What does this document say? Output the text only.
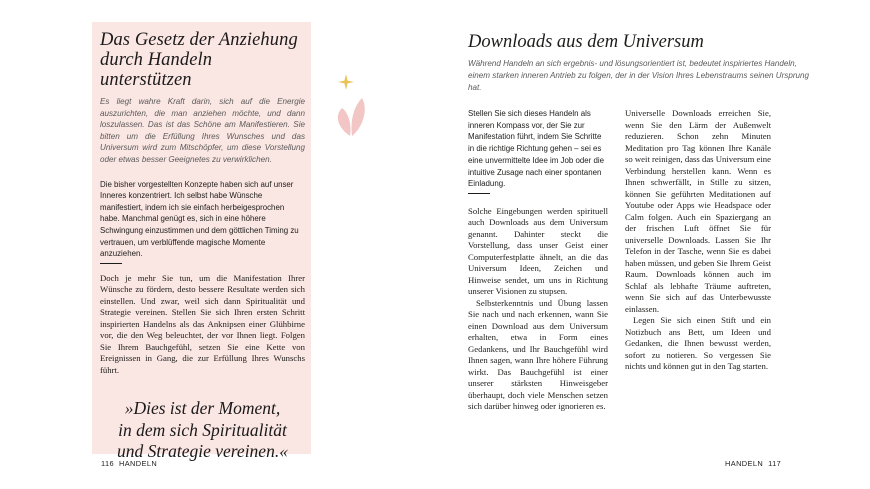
Das Gesetz der Anziehung
durch Handeln unterstützen

Es liegt wahre Kraft darin, sich auf die Energie auszurichten, die man anziehen möchte, und dann loszulassen. Das ist das Schöne am Manifestieren. Sie bitten um die Erfüllung Ihres Wunsches und das Universum wird zum Mitschöpfer, um diese Vorstellung oder etwas besser Geeignetes zu verwirklichen.

Die bisher vorgestellten Konzepte haben sich auf unser Inneres konzentriert. Ich selbst habe Wünsche manifestiert, indem ich sie einfach herbeigesprochen habe. Manchmal genügt es, sich in eine höhere Schwingung einzustimmen und dem göttlichen Timing zu vertrauen, um verblüffende magische Momente anzuziehen.

Doch je mehr Sie tun, um die Manifestation Ihrer Wünsche zu fördern, desto bessere Resultate werden sich einstellen. Und zwar, weil sich dann Spiritualität und Strategie vereinen. Stellen Sie sich Ihren ersten Schritt inspirierten Handelns als das Anknipsen einer Glühbirne vor, die den Weg beleuchtet, der vor Ihnen liegt. Folgen Sie Ihrem Bauchgefühl, setzen Sie eine Kette von Ereignissen in Gang, die zur Erfüllung Ihres Wunschs führt.

»Dies ist der Moment,
in dem sich Spiritualität
und Strategie vereinen.«

116 HANDELN
Downloads aus dem Universum

Während Handeln an sich ergebnis- und lösungsorientiert ist, bedeutet inspiriertes Handeln, einem starken inneren Antrieb zu folgen, der in der Vision Ihres Lebenstraums seinen Ursprung hat.

Stellen Sie sich dieses Handeln als inneren Kompass vor, der Sie zur Manifestation führt, indem Sie Schritte in die richtige Richtung gehen – sei es eine unvermittelte Idee im Job oder die intuitive Zusage nach einer spontanen Einladung.

Solche Eingebungen werden spirituell auch Downloads aus dem Universum genannt. Dahinter steckt die Vorstellung, dass unser Geist einer Computerfestplatte ähnelt, an die das Universum Ideen, Zeichen und Hinweise sendet, um uns in Richtung unserer Visionen zu stupsen.

Selbsterkenntnis und Übung lassen Sie nach und nach erkennen, wann Sie einen Download aus dem Universum erhalten, etwa in Form eines Gedankens, und Ihr Bauchgefühl wird Ihnen sagen, wann Ihre höhere Führung wirkt. Das Bauchgefühl ist einer unserer stärksten Hinweisgeber überhaupt, doch viele Menschen setzen sich darüber hinweg oder ignorieren es.

Universelle Downloads erreichen Sie, wenn Sie den Lärm der Außenwelt reduzieren. Schon zehn Minuten Meditation pro Tag können Ihre Kanäle so weit reinigen, dass das Universum eine Verbindung herstellen kann. Wenn es Ihnen schwerfällt, in Stille zu sitzen, können Sie geführten Meditationen auf Youtube oder Apps wie Headspace oder Calm folgen. Auch ein Spaziergang an der frischen Luft öffnet Sie für universelle Downloads. Lassen Sie Ihr Telefon in der Tasche, wenn Sie es dabei haben müssen, und geben Sie Ihrem Geist Raum. Downloads können auch im Schlaf als lebhafte Träume auftreten, wenn Sie sich auf das Unterbewusste einlassen.

Legen Sie sich einen Stift und ein Notizbuch ans Bett, um Ideen und Gedanken, die Ihnen bewusst werden, sofort zu notieren. So vergessen Sie nichts und können gut in den Tag starten.

HANDELN 117
